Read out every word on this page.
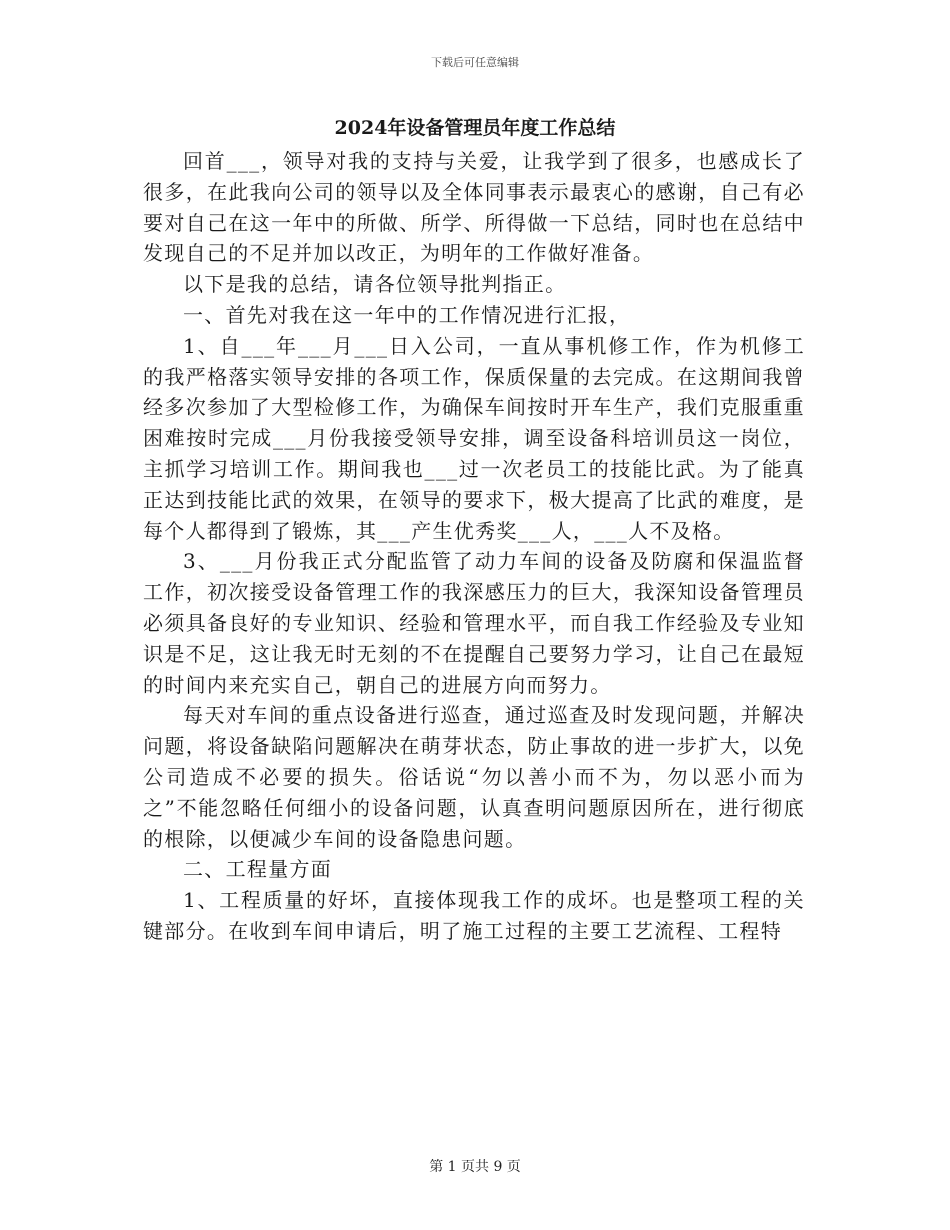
下载后可任意编辑
2024年设备管理员年度工作总结

回首___，领导对我的支持与关爱，让我学到了很多，也感成长了很多，在此我向公司的领导以及全体同事表示最衷心的感谢，自己有必要对自己在这一年中的所做、所学、所得做一下总结，同时也在总结中发现自己的不足并加以改正，为明年的工作做好准备。

以下是我的总结，请各位领导批判指正。

一、首先对我在这一年中的工作情况进行汇报，

1、自___年___月___日入公司，一直从事机修工作，作为机修工的我严格落实领导安排的各项工作，保质保量的去完成。在这期间我曾经多次参加了大型检修工作，为确保车间按时开车生产，我们克服重重困难按时完成___月份我接受领导安排，调至设备科培训员这一岗位，主抓学习培训工作。期间我也___过一次老员工的技能比武。为了能真正达到技能比武的效果，在领导的要求下，极大提高了比武的难度，是每个人都得到了锻炼，其___产生优秀奖___人，___人不及格。

3、___月份我正式分配监管了动力车间的设备及防腐和保温监督工作，初次接受设备管理工作的我深感压力的巨大，我深知设备管理员必须具备良好的专业知识、经验和管理水平，而自我工作经验及专业知识是不足，这让我无时无刻的不在提醒自己要努力学习，让自己在最短的时间内来充实自己，朝自己的进展方向而努力。

每天对车间的重点设备进行巡查，通过巡查及时发现问题，并解决问题，将设备缺陷问题解决在萌芽状态，防止事故的进一步扩大，以免公司造成不必要的损失。俗话说“勿以善小而不为，勿以恶小而为之”不能忽略任何细小的设备问题，认真查明问题原因所在，进行彻底的根除，以便减少车间的设备隐患问题。

二、工程量方面

1、工程质量的好坏，直接体现我工作的成坏。也是整项工程的关键部分。在收到车间申请后，明了施工过程的主要工艺流程、工程特

第 1 页共 9 页
